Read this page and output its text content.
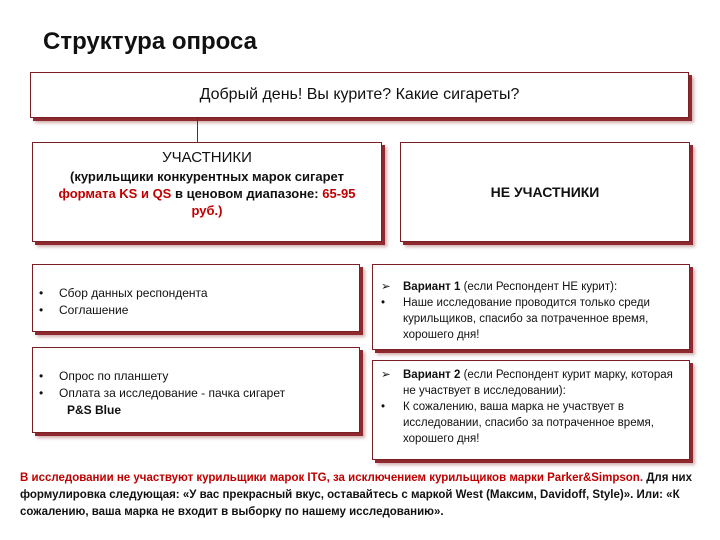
Структура опроса
Добрый день! Вы курите? Какие сигареты?
УЧАСТНИКИ
(курильщики конкурентных марок сигарет формата KS и QS в ценовом диапазоне: 65-95 руб.)
НЕ УЧАСТНИКИ
• Сбор данных респондента
• Соглашение
• Опрос по планшету
• Оплата за исследование - пачка сигарет
P&S Blue
➢ Вариант 1 (если Респондент НЕ курит):
• Наше исследование проводится только среди курильщиков, спасибо за потраченное время, хорошего дня!
➢ Вариант 2 (если Респондент курит марку, которая не участвует в исследовании):
• К сожалению, ваша марка не участвует в исследовании, спасибо за потраченное время, хорошего дня!
В исследовании не участвуют курильщики марок ITG, за исключением курильщиков марки Parker&Simpson. Для них формулировка следующая: «У вас прекрасный вкус, оставайтесь с маркой West (Максим, Davidoff, Style)». Или: «К сожалению, ваша марка не входит в выборку по нашему исследованию».
